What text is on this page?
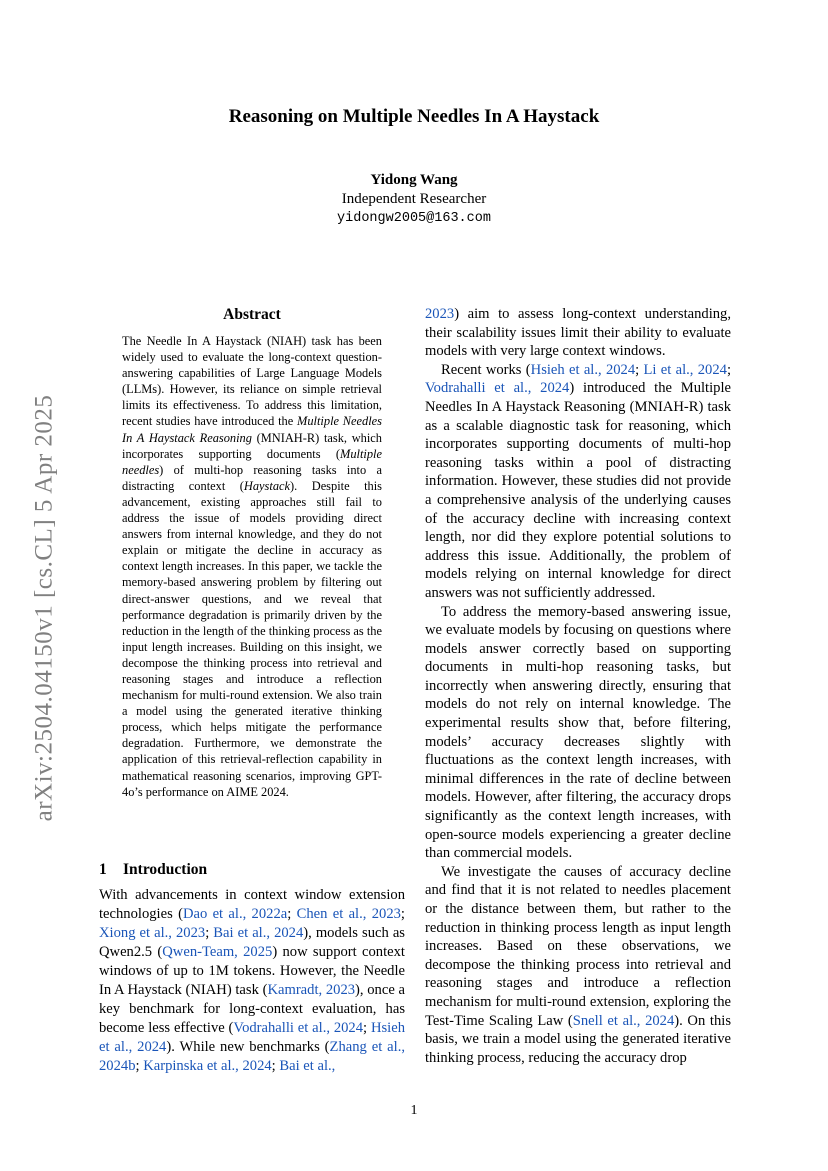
arXiv:2504.04150v1 [cs.CL] 5 Apr 2025
Reasoning on Multiple Needles In A Haystack
Yidong Wang
Independent Researcher
yidongw2005@163.com
Abstract
The Needle In A Haystack (NIAH) task has been widely used to evaluate the long-context question-answering capabilities of Large Language Models (LLMs). However, its reliance on simple retrieval limits its effectiveness. To address this limitation, recent studies have introduced the Multiple Needles In A Haystack Reasoning (MNIAH-R) task, which incorporates supporting documents (Multiple needles) of multi-hop reasoning tasks into a distracting context (Haystack). Despite this advancement, existing approaches still fail to address the issue of models providing direct answers from internal knowledge, and they do not explain or mitigate the decline in accuracy as context length increases. In this paper, we tackle the memory-based answering problem by filtering out direct-answer questions, and we reveal that performance degradation is primarily driven by the reduction in the length of the thinking process as the input length increases. Building on this insight, we decompose the thinking process into retrieval and reasoning stages and introduce a reflection mechanism for multi-round extension. We also train a model using the generated iterative thinking process, which helps mitigate the performance degradation. Furthermore, we demonstrate the application of this retrieval-reflection capability in mathematical reasoning scenarios, improving GPT-4o’s performance on AIME 2024.
1 Introduction

With advancements in context window extension technologies (Dao et al., 2022a; Chen et al., 2023; Xiong et al., 2023; Bai et al., 2024), models such as Qwen2.5 (Qwen-Team, 2025) now support context windows of up to 1M tokens. However, the Needle In A Haystack (NIAH) task (Kamradt, 2023), once a key benchmark for long-context evaluation, has become less effective (Vodrahalli et al., 2024; Hsieh et al., 2024). While new benchmarks (Zhang et al., 2024b; Karpinska et al., 2024; Bai et al.,

2023) aim to assess long-context understanding, their scalability issues limit their ability to evaluate models with very large context windows.

Recent works (Hsieh et al., 2024; Li et al., 2024; Vodrahalli et al., 2024) introduced the Multiple Needles In A Haystack Reasoning (MNIAH-R) task as a scalable diagnostic task for reasoning, which incorporates supporting documents of multi-hop reasoning tasks within a pool of distracting information. However, these studies did not provide a comprehensive analysis of the underlying causes of the accuracy decline with increasing context length, nor did they explore potential solutions to address this issue. Additionally, the problem of models relying on internal knowledge for direct answers was not sufficiently addressed.

To address the memory-based answering issue, we evaluate models by focusing on questions where models answer correctly based on supporting documents in multi-hop reasoning tasks, but incorrectly when answering directly, ensuring that models do not rely on internal knowledge. The experimental results show that, before filtering, models’ accuracy decreases slightly with fluctuations as the context length increases, with minimal differences in the rate of decline between models. However, after filtering, the accuracy drops significantly as the context length increases, with open-source models experiencing a greater decline than commercial models.

We investigate the causes of accuracy decline and find that it is not related to needles placement or the distance between them, but rather to the reduction in thinking process length as input length increases. Based on these observations, we decompose the thinking process into retrieval and reasoning stages and introduce a reflection mechanism for multi-round extension, exploring the Test-Time Scaling Law (Snell et al., 2024). On this basis, we train a model using the generated iterative thinking process, reducing the accuracy drop

1
